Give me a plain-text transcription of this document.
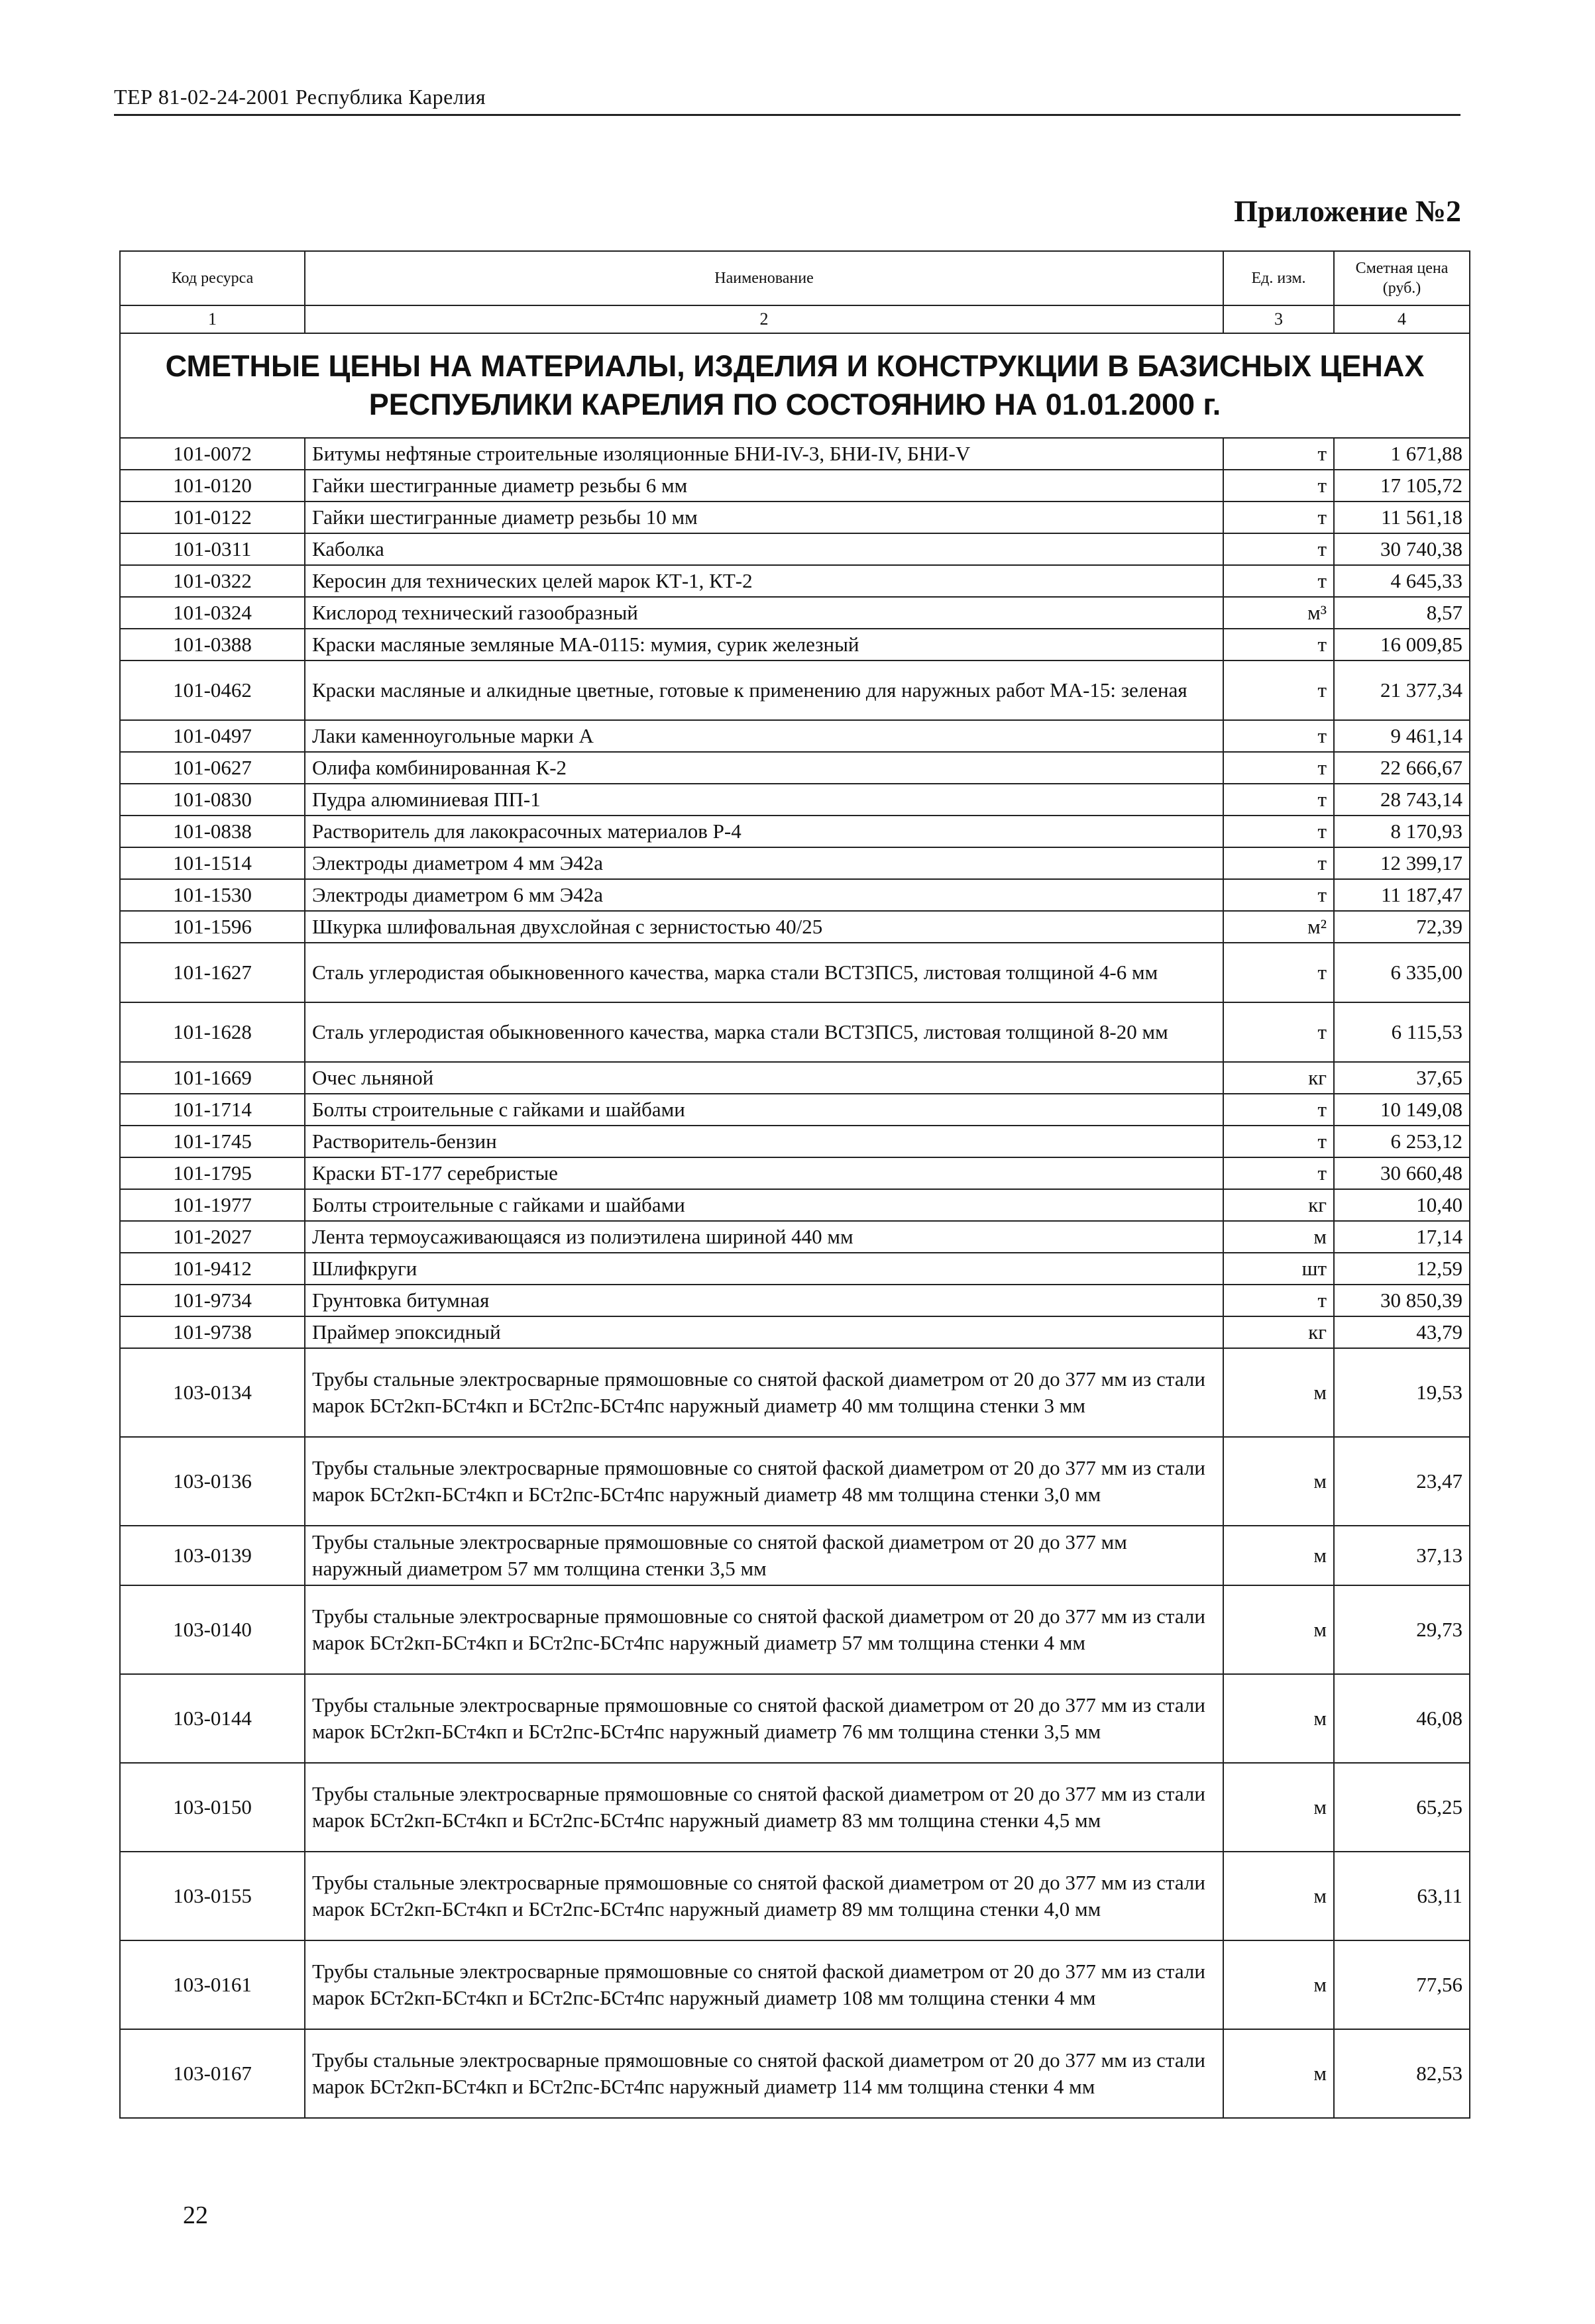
ТЕР 81-02-24-2001 Республика Карелия
Приложение №2
Код ресурса	Наименование	Ед. изм.	Сметная цена (руб.)
1	2	3	4
СМЕТНЫЕ ЦЕНЫ НА МАТЕРИАЛЫ, ИЗДЕЛИЯ И КОНСТРУКЦИИ В БАЗИСНЫХ ЦЕНАХ РЕСПУБЛИКИ КАРЕЛИЯ ПО СОСТОЯНИЮ НА 01.01.2000 г.			
101-0072	Битумы нефтяные строительные изоляционные БНИ-IV-3, БНИ-IV, БНИ-V	т	1 671,88
101-0120	Гайки шестигранные диаметр резьбы 6 мм	т	17 105,72
101-0122	Гайки шестигранные диаметр резьбы 10 мм	т	11 561,18
101-0311	Каболка	т	30 740,38
101-0322	Керосин для технических целей марок КТ-1, КТ-2	т	4 645,33
101-0324	Кислород технический газообразный	м³	8,57
101-0388	Краски масляные земляные МА-0115: мумия, сурик железный	т	16 009,85
101-0462	Краски масляные и алкидные цветные, готовые к применению для наружных работ МА-15: зеленая	т	21 377,34
101-0497	Лаки каменноугольные марки А	т	9 461,14
101-0627	Олифа комбинированная К-2	т	22 666,67
101-0830	Пудра алюминиевая ПП-1	т	28 743,14
101-0838	Растворитель для лакокрасочных материалов Р-4	т	8 170,93
101-1514	Электроды диаметром 4 мм Э42а	т	12 399,17
101-1530	Электроды диаметром 6 мм Э42а	т	11 187,47
101-1596	Шкурка шлифовальная двухслойная с зернистостью 40/25	м²	72,39
101-1627	Сталь углеродистая обыкновенного качества, марка стали ВСТ3ПС5, листовая толщиной 4-6 мм	т	6 335,00
101-1628	Сталь углеродистая обыкновенного качества, марка стали ВСТ3ПС5, листовая толщиной 8-20 мм	т	6 115,53
101-1669	Очес льняной	кг	37,65
101-1714	Болты строительные с гайками и шайбами	т	10 149,08
101-1745	Растворитель-бензин	т	6 253,12
101-1795	Краски БТ-177 серебристые	т	30 660,48
101-1977	Болты строительные с гайками и шайбами	кг	10,40
101-2027	Лента термоусаживающаяся из полиэтилена шириной 440 мм	м	17,14
101-9412	Шлифкруги	шт	12,59
101-9734	Грунтовка битумная	т	30 850,39
101-9738	Праймер эпоксидный	кг	43,79
103-0134	Трубы стальные электросварные прямошовные со снятой фаской диаметром от 20 до 377 мм из стали марок БСт2кп-БСт4кп и БСт2пс-БСт4пс наружный диаметр 40 мм толщина стенки 3 мм	м	19,53
103-0136	Трубы стальные электросварные прямошовные со снятой фаской диаметром от 20 до 377 мм из стали марок БСт2кп-БСт4кп и БСт2пс-БСт4пс наружный диаметр 48 мм толщина стенки 3,0 мм	м	23,47
103-0139	Трубы стальные электросварные прямошовные со снятой фаской диаметром от 20 до 377 мм наружный диаметром 57 мм толщина стенки 3,5 мм	м	37,13
103-0140	Трубы стальные электросварные прямошовные со снятой фаской диаметром от 20 до 377 мм из стали марок БСт2кп-БСт4кп и БСт2пс-БСт4пс наружный диаметр 57 мм толщина стенки 4 мм	м	29,73
103-0144	Трубы стальные электросварные прямошовные со снятой фаской диаметром от 20 до 377 мм из стали марок БСт2кп-БСт4кп и БСт2пс-БСт4пс наружный диаметр 76 мм толщина стенки 3,5 мм	м	46,08
103-0150	Трубы стальные электросварные прямошовные со снятой фаской диаметром от 20 до 377 мм из стали марок БСт2кп-БСт4кп и БСт2пс-БСт4пс наружный диаметр 83 мм толщина стенки 4,5 мм	м	65,25
103-0155	Трубы стальные электросварные прямошовные со снятой фаской диаметром от 20 до 377 мм из стали марок БСт2кп-БСт4кп и БСт2пс-БСт4пс наружный диаметр 89 мм толщина стенки 4,0 мм	м	63,11
103-0161	Трубы стальные электросварные прямошовные со снятой фаской диаметром от 20 до 377 мм из стали марок БСт2кп-БСт4кп и БСт2пс-БСт4пс наружный диаметр 108 мм толщина стенки 4 мм	м	77,56
103-0167	Трубы стальные электросварные прямошовные со снятой фаской диаметром от 20 до 377 мм из стали марок БСт2кп-БСт4кп и БСт2пс-БСт4пс наружный диаметр 114 мм толщина стенки 4 мм	м	82,53
22
